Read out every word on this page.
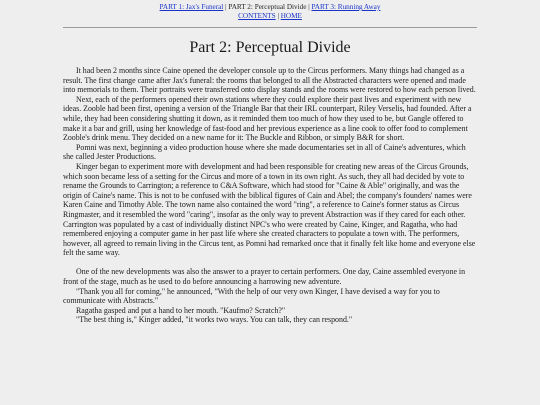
PART 1: Jax's Funeral | PART 2: Perceptual Divide | PART 3: Running Away
CONTENTS | HOME
Part 2: Perceptual Divide

It had been 2 months since Caine opened the developer console up to the Circus performers. Many things had changed as a result. The first change came after Jax's funeral: the rooms that belonged to all the Abstracted characters were opened and made into memorials to them. Their portraits were transferred onto display stands and the rooms were restored to how each person lived.

Next, each of the performers opened their own stations where they could explore their past lives and experiment with new ideas. Zooble had been first, opening a version of the Triangle Bar that their IRL counterpart, Riley Verselis, had founded. After a while, they had been considering shutting it down, as it reminded them too much of how they used to be, but Gangle offered to make it a bar and grill, using her knowledge of fast-food and her previous experience as a line cook to offer food to complement Zooble's drink menu. They decided on a new name for it: The Buckle and Ribbon, or simply B&R for short.

Pomni was next, beginning a video production house where she made documentaries set in all of Caine's adventures, which she called Jester Productions.

Kinger began to experiment more with development and had been responsible for creating new areas of the Circus Grounds, which soon became less of a setting for the Circus and more of a town in its own right. As such, they all had decided by vote to rename the Grounds to Carrington; a reference to C&A Software, which had stood for "Caine & Able" originally, and was the origin of Caine's name. This is not to be confused with the biblical figures of Cain and Abel; the company's founders' names were Karen Caine and Timothy Able. The town name also contained the word "ring", a reference to Caine's former status as Circus Ringmaster, and it resembled the word "caring", insofar as the only way to prevent Abstraction was if they cared for each other. Carrington was populated by a cast of individually distinct NPC's who were created by Caine, Kinger, and Ragatha, who had remembered enjoying a computer game in her past life where she created characters to populate a town with. The performers, however, all agreed to remain living in the Circus tent, as Pomni had remarked once that it finally felt like home and everyone else felt the same way.

One of the new developments was also the answer to a prayer to certain performers. One day, Caine assembled everyone in front of the stage, much as he used to do before announcing a harrowing new adventure.

"Thank you all for coming," he announced, "With the help of our very own Kinger, I have devised a way for you to communicate with Abstracts."

Ragatha gasped and put a hand to her mouth. "Kaufmo? Scratch?"

"The best thing is," Kinger added, "it works two ways. You can talk, they can respond."
